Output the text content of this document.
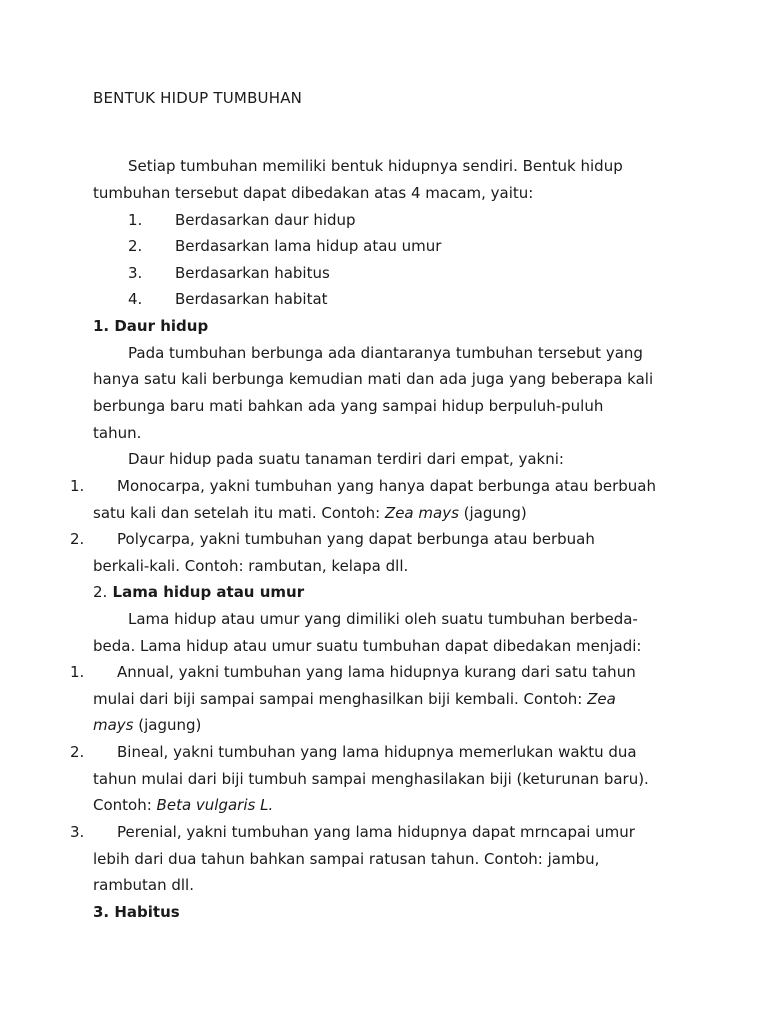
BENTUK HIDUP TUMBUHAN
Setiap tumbuhan memiliki bentuk hidupnya sendiri. Bentuk hidup
tumbuhan tersebut dapat dibedakan atas 4 macam, yaitu:
1. Berdasarkan daur hidup
2. Berdasarkan lama hidup atau umur
3. Berdasarkan habitus
4. Berdasarkan habitat
1. Daur hidup
Pada tumbuhan berbunga ada diantaranya tumbuhan tersebut yang
hanya satu kali berbunga kemudian mati dan ada juga yang beberapa kali
berbunga baru mati bahkan ada yang sampai hidup berpuluh-puluh
tahun.
Daur hidup pada suatu tanaman terdiri dari empat, yakni:
1. Monocarpa, yakni tumbuhan yang hanya dapat berbunga atau berbuah
satu kali dan setelah itu mati. Contoh: Zea mays (jagung)
2. Polycarpa, yakni tumbuhan yang dapat berbunga atau berbuah
berkali-kali. Contoh: rambutan, kelapa dll.
2. Lama hidup atau umur
Lama hidup atau umur yang dimiliki oleh suatu tumbuhan berbeda-
beda. Lama hidup atau umur suatu tumbuhan dapat dibedakan menjadi:
1. Annual, yakni tumbuhan yang lama hidupnya kurang dari satu tahun
mulai dari biji sampai sampai menghasilkan biji kembali. Contoh: Zea
mays (jagung)
2. Bineal, yakni tumbuhan yang lama hidupnya memerlukan waktu dua
tahun mulai dari biji tumbuh sampai menghasilakan biji (keturunan baru).
Contoh: Beta vulgaris L.
3. Perenial, yakni tumbuhan yang lama hidupnya dapat mrncapai umur
lebih dari dua tahun bahkan sampai ratusan tahun. Contoh: jambu,
rambutan dll.
3. Habitus
